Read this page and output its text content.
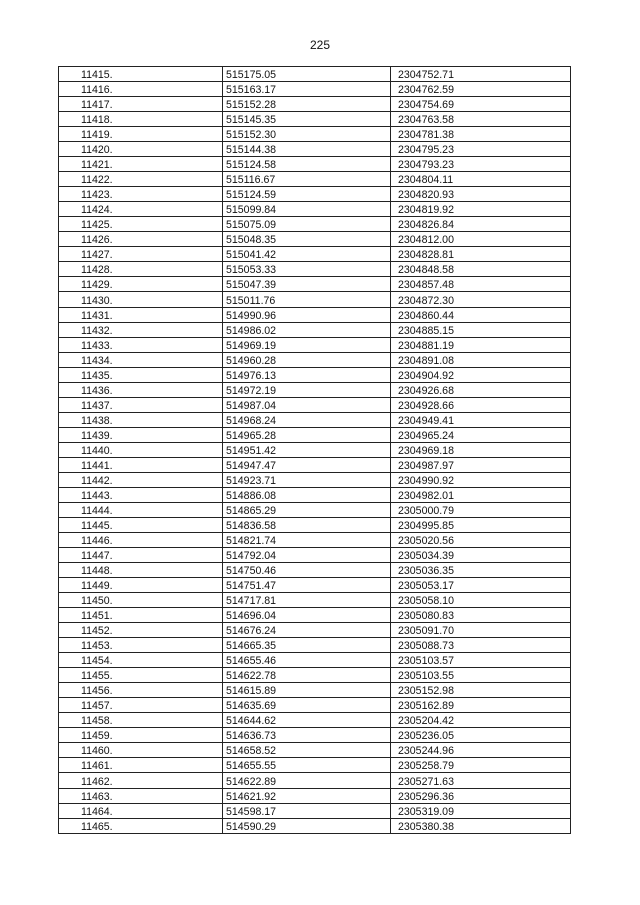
225
11415.	515175.05	2304752.71
11416.	515163.17	2304762.59
11417.	515152.28	2304754.69
11418.	515145.35	2304763.58
11419.	515152.30	2304781.38
11420.	515144.38	2304795.23
11421.	515124.58	2304793.23
11422.	515116.67	2304804.11
11423.	515124.59	2304820.93
11424.	515099.84	2304819.92
11425.	515075.09	2304826.84
11426.	515048.35	2304812.00
11427.	515041.42	2304828.81
11428.	515053.33	2304848.58
11429.	515047.39	2304857.48
11430.	515011.76	2304872.30
11431.	514990.96	2304860.44
11432.	514986.02	2304885.15
11433.	514969.19	2304881.19
11434.	514960.28	2304891.08
11435.	514976.13	2304904.92
11436.	514972.19	2304926.68
11437.	514987.04	2304928.66
11438.	514968.24	2304949.41
11439.	514965.28	2304965.24
11440.	514951.42	2304969.18
11441.	514947.47	2304987.97
11442.	514923.71	2304990.92
11443.	514886.08	2304982.01
11444.	514865.29	2305000.79
11445.	514836.58	2304995.85
11446.	514821.74	2305020.56
11447.	514792.04	2305034.39
11448.	514750.46	2305036.35
11449.	514751.47	2305053.17
11450.	514717.81	2305058.10
11451.	514696.04	2305080.83
11452.	514676.24	2305091.70
11453.	514665.35	2305088.73
11454.	514655.46	2305103.57
11455.	514622.78	2305103.55
11456.	514615.89	2305152.98
11457.	514635.69	2305162.89
11458.	514644.62	2305204.42
11459.	514636.73	2305236.05
11460.	514658.52	2305244.96
11461.	514655.55	2305258.79
11462.	514622.89	2305271.63
11463.	514621.92	2305296.36
11464.	514598.17	2305319.09
11465.	514590.29	2305380.38
